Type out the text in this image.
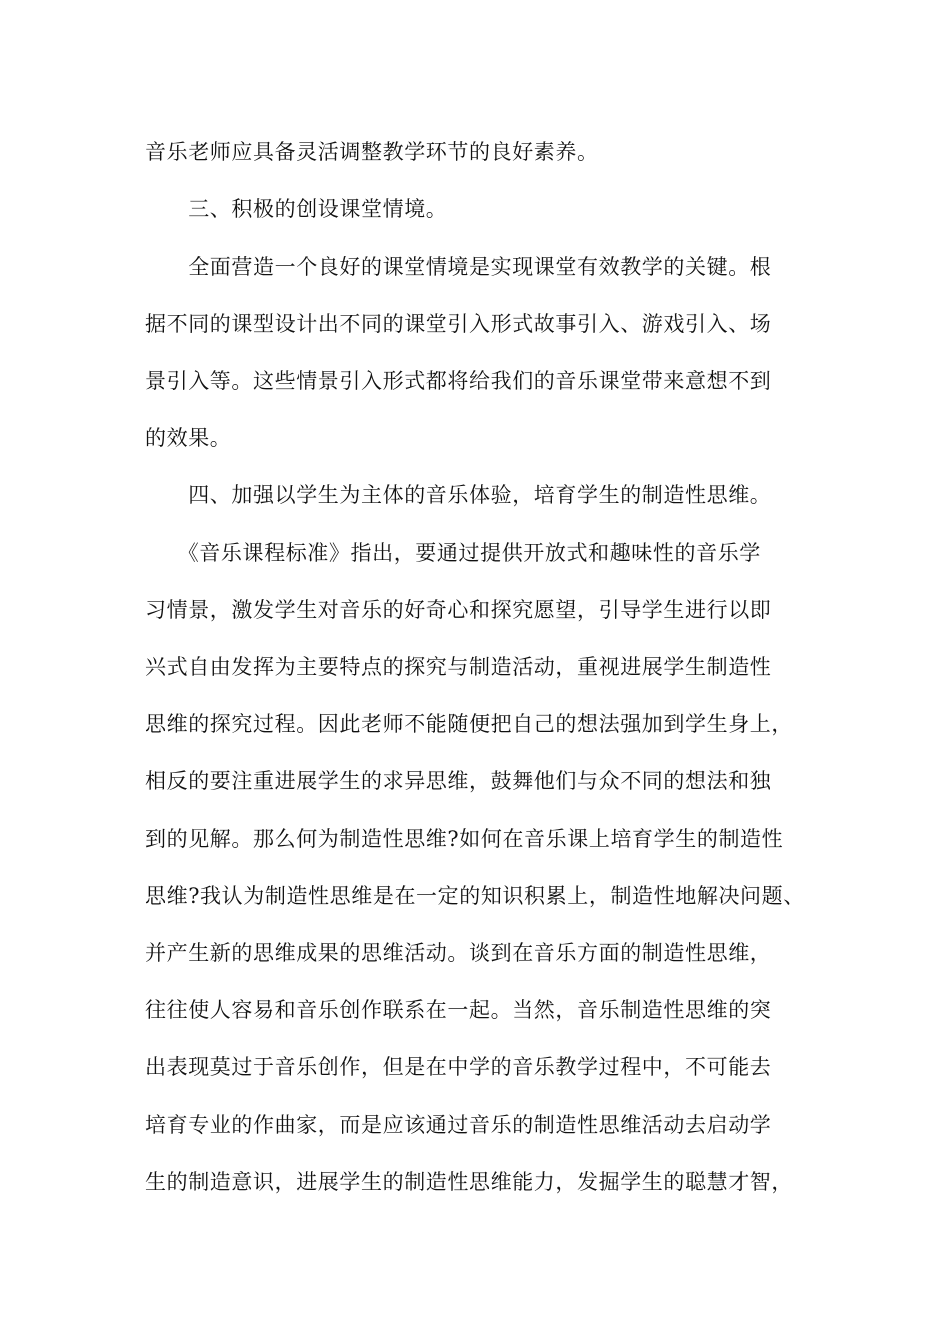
音乐老师应具备灵活调整教学环节的良好素养。
　　三、积极的创设课堂情境。
　　全面营造一个良好的课堂情境是实现课堂有效教学的关键。根
据不同的课型设计出不同的课堂引入形式故事引入、游戏引入、场
景引入等。这些情景引入形式都将给我们的音乐课堂带来意想不到
的效果。
　　四、加强以学生为主体的音乐体验，培育学生的制造性思维。
　　《音乐课程标准》指出，要通过提供开放式和趣味性的音乐学
习情景，激发学生对音乐的好奇心和探究愿望，引导学生进行以即
兴式自由发挥为主要特点的探究与制造活动，重视进展学生制造性
思维的探究过程。因此老师不能随便把自己的想法强加到学生身上，
相反的要注重进展学生的求异思维，鼓舞他们与众不同的想法和独
到的见解。那么何为制造性思维?如何在音乐课上培育学生的制造性
思维?我认为制造性思维是在一定的知识积累上，制造性地解决问题、
并产生新的思维成果的思维活动。谈到在音乐方面的制造性思维，
往往使人容易和音乐创作联系在一起。当然，音乐制造性思维的突
出表现莫过于音乐创作，但是在中学的音乐教学过程中，不可能去
培育专业的作曲家，而是应该通过音乐的制造性思维活动去启动学
生的制造意识，进展学生的制造性思维能力，发掘学生的聪慧才智，
